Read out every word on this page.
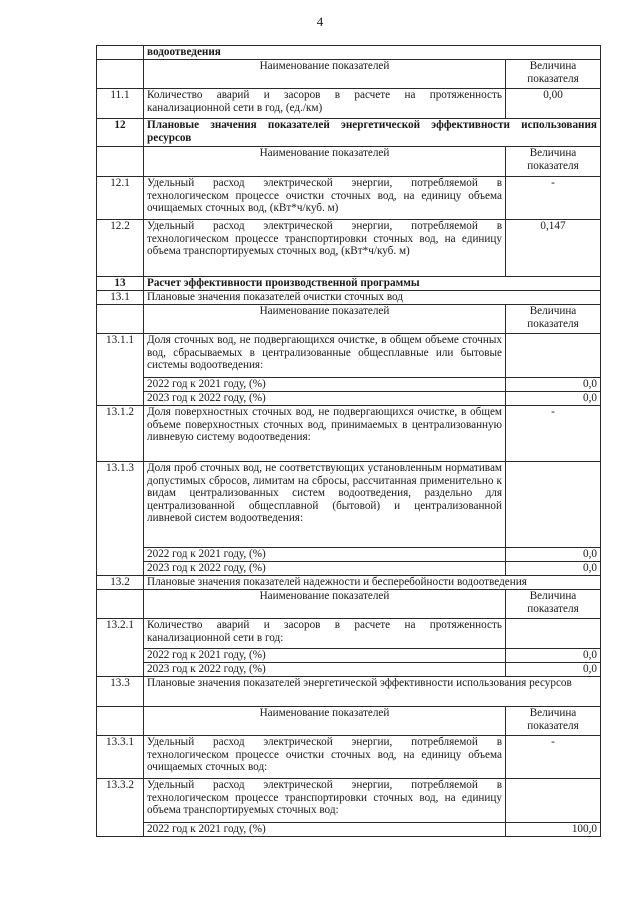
4
	водоотведения	
	Наименование показателей	Величина
показателя
11.1	Количество аварий и засоров в расчете на протяженность канализационной сети в год, (ед./км)	0,00
12	Плановые значения показателей энергетической эффективности использования ресурсов	
	Наименование показателей	Величина
показателя
12.1	Удельный расход электрической энергии, потребляемой в технологическом процессе очистки сточных вод, на единицу объема очищаемых сточных вод, (кВт*ч/куб. м)	-
12.2	Удельный расход электрической энергии, потребляемой в технологическом процессе транспортировки сточных вод, на единицу объема транспортируемых сточных вод, (кВт*ч/куб. м)	0,147
13	Расчет эффективности производственной программы	
13.1	Плановые значения показателей очистки сточных вод	
	Наименование показателей	Величина
показателя
13.1.1	Доля сточных вод, не подвергающихся очистке, в общем объеме сточных вод, сбрасываемых в централизованные общесплавные или бытовые системы водоотведения:	
	2022 год к 2021 году, (%)	0,0
	2023 год к 2022 году, (%)	0,0
13.1.2	Доля поверхностных сточных вод, не подвергающихся очистке, в общем объеме поверхностных сточных вод, принимаемых в централизованную ливневую систему водоотведения:	-
13.1.3	Доля проб сточных вод, не соответствующих установленным нормативам допустимых сбросов, лимитам на сбросы, рассчитанная применительно к видам централизованных систем водоотведения, раздельно для централизованной общесплавной (бытовой) и централизованной ливневой систем водоотведения:	
	2022 год к 2021 году, (%)	0,0
	2023 год к 2022 году, (%)	0,0
13.2	Плановые значения показателей надежности и бесперебойности водоотведения	
	Наименование показателей	Величина
показателя
13.2.1	Количество аварий и засоров в расчете на протяженность канализационной сети в год:	
	2022 год к 2021 году, (%)	0,0
	2023 год к 2022 году, (%)	0,0
13.3	Плановые значения показателей энергетической эффективности использования ресурсов	
	Наименование показателей	Величина
показателя
13.3.1	Удельный расход электрической энергии, потребляемой в технологическом процессе очистки сточных вод, на единицу объема очищаемых сточных вод:	-
13.3.2	Удельный расход электрической энергии, потребляемой в технологическом процессе транспортировки сточных вод, на единицу объема транспортируемых сточных вод:	
	2022 год к 2021 году, (%)	100,0
